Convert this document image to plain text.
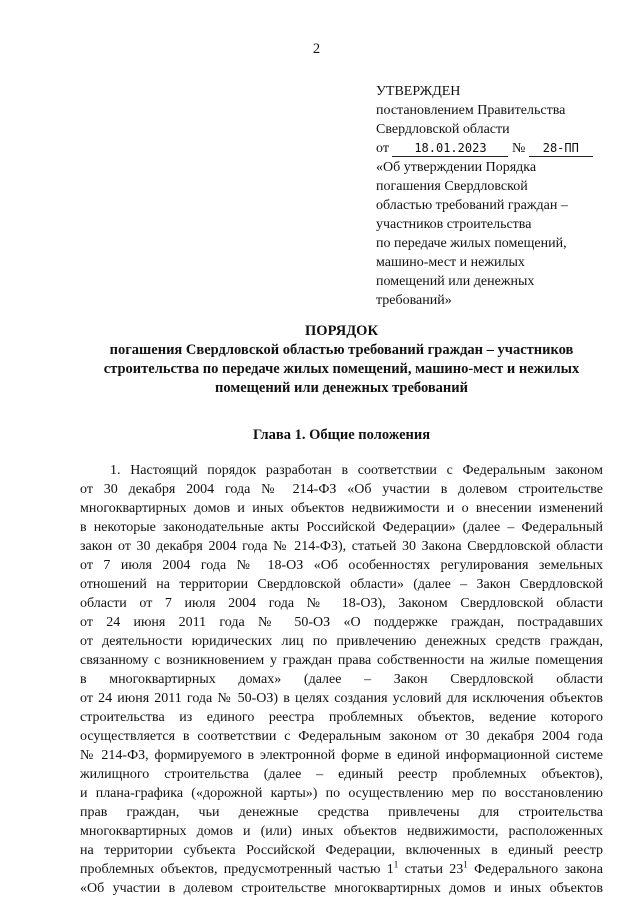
2
УТВЕРЖДЕН
постановлением Правительства
Свердловской области
от 18.01.2023 № 28-ПП
«Об утверждении Порядка
погашения Свердловской
областью требований граждан –
участников строительства
по передаче жилых помещений,
машино-мест и нежилых
помещений или денежных
требований»
ПОРЯДОК
погашения Свердловской областью требований граждан – участников
строительства по передаче жилых помещений, машино-мест и нежилых
помещений или денежных требований
Глава 1. Общие положения
1. Настоящий порядок разработан в соответствии с Федеральным законом
от 30 декабря 2004 года № 214-ФЗ «Об участии в долевом строительстве
многоквартирных домов и иных объектов недвижимости и о внесении изменений
в некоторые законодательные акты Российской Федерации» (далее – Федеральный
закон от 30 декабря 2004 года № 214-ФЗ), статьей 30 Закона Свердловской области
от 7 июля 2004 года № 18-ОЗ «Об особенностях регулирования земельных
отношений на территории Свердловской области» (далее – Закон Свердловской
области от 7 июля 2004 года № 18-ОЗ), Законом Свердловской области
от 24 июня 2011 года № 50-ОЗ «О поддержке граждан, пострадавших
от деятельности юридических лиц по привлечению денежных средств граждан,
связанному с возникновением у граждан права собственности на жилые помещения
в многоквартирных домах» (далее – Закон Свердловской области
от 24 июня 2011 года № 50-ОЗ) в целях создания условий для исключения объектов
строительства из единого реестра проблемных объектов, ведение которого
осуществляется в соответствии с Федеральным законом от 30 декабря 2004 года
№ 214-ФЗ, формируемого в электронной форме в единой информационной системе
жилищного строительства (далее – единый реестр проблемных объектов),
и плана-графика («дорожной карты») по осуществлению мер по восстановлению
прав граждан, чьи денежные средства привлечены для строительства
многоквартирных домов и (или) иных объектов недвижимости, расположенных
на территории субъекта Российской Федерации, включенных в единый реестр
проблемных объектов, предусмотренный частью $1^1$ статьи $23^1$ Федерального закона
«Об участии в долевом строительстве многоквартирных домов и иных объектов
